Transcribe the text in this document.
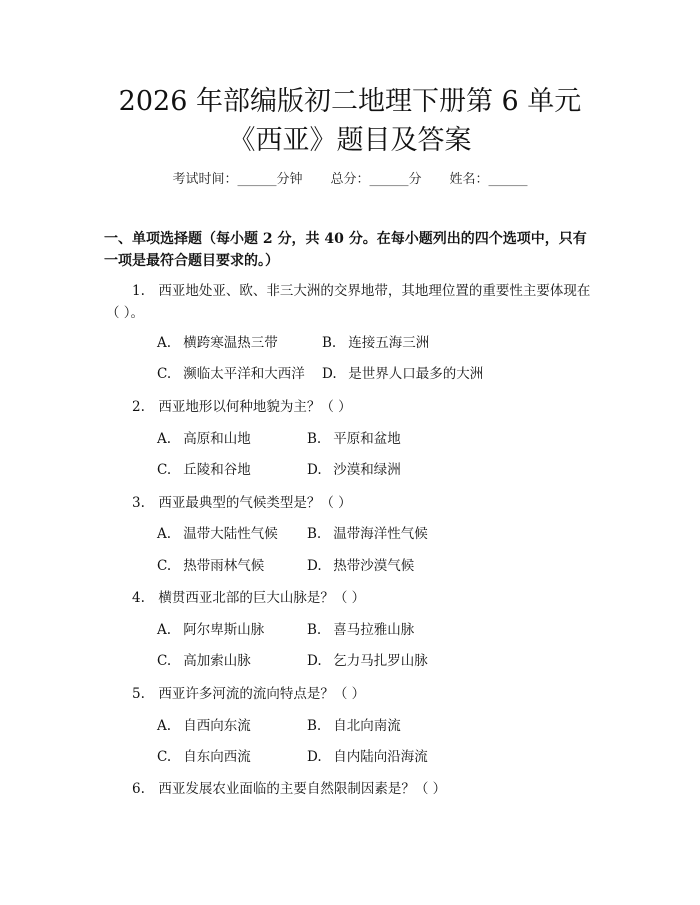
2026 年部编版初二地理下册第 6 单元《西亚》题目及答案
考试时间：______分钟 总分：______分 姓名：______
一、单项选择题（每小题 2 分，共 40 分。在每小题列出的四个选项中，只有一项是最符合题目要求的。）
1.  西亚地处亚、欧、非三大洲的交界地带，其地理位置的重要性主要体现在（ ）。
A. 横跨寒温热三带	B. 连接五海三洲
C. 濒临太平洋和大西洋 D. 是世界人口最多的大洲
2.  西亚地形以何种地貌为主？（ ）
A. 高原和山地	B. 平原和盆地
C. 丘陵和谷地	D. 沙漠和绿洲
3.  西亚最典型的气候类型是？（ ）
A. 温带大陆性气候 B. 温带海洋性气候
C. 热带雨林气候	D. 热带沙漠气候
4.  横贯西亚北部的巨大山脉是？（ ）
A. 阿尔卑斯山脉	B. 喜马拉雅山脉
C. 高加索山脉	D. 乞力马扎罗山脉
5.  西亚许多河流的流向特点是？（ ）
A. 自西向东流	B. 自北向南流
C. 自东向西流	D. 自内陆向沿海流
6.  西亚发展农业面临的主要自然限制因素是？（ ）
